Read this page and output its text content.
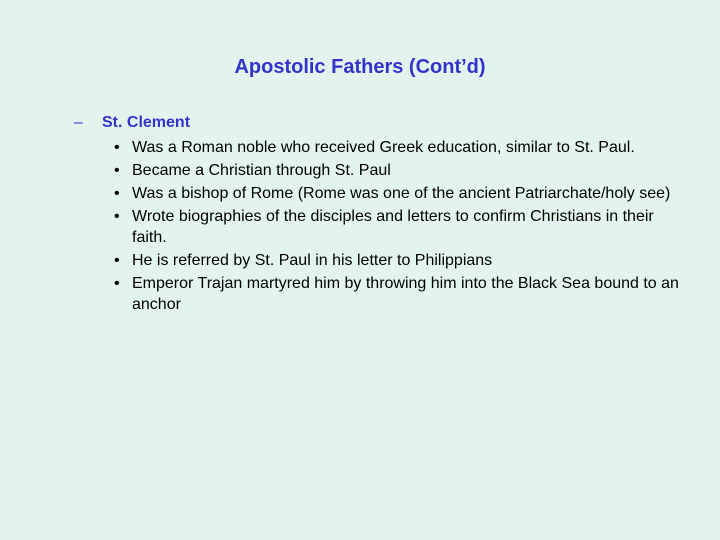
Apostolic Fathers (Cont’d)
– St. Clement
• Was a Roman noble who received Greek education, similar to St. Paul.
• Became a Christian through St. Paul
• Was a bishop of Rome (Rome was one of the ancient Patriarchate/holy see)
• Wrote biographies of the disciples and letters to confirm Christians in their faith.
• He is referred by St. Paul in his letter to Philippians
• Emperor Trajan martyred him by throwing him into the Black Sea bound to an anchor
